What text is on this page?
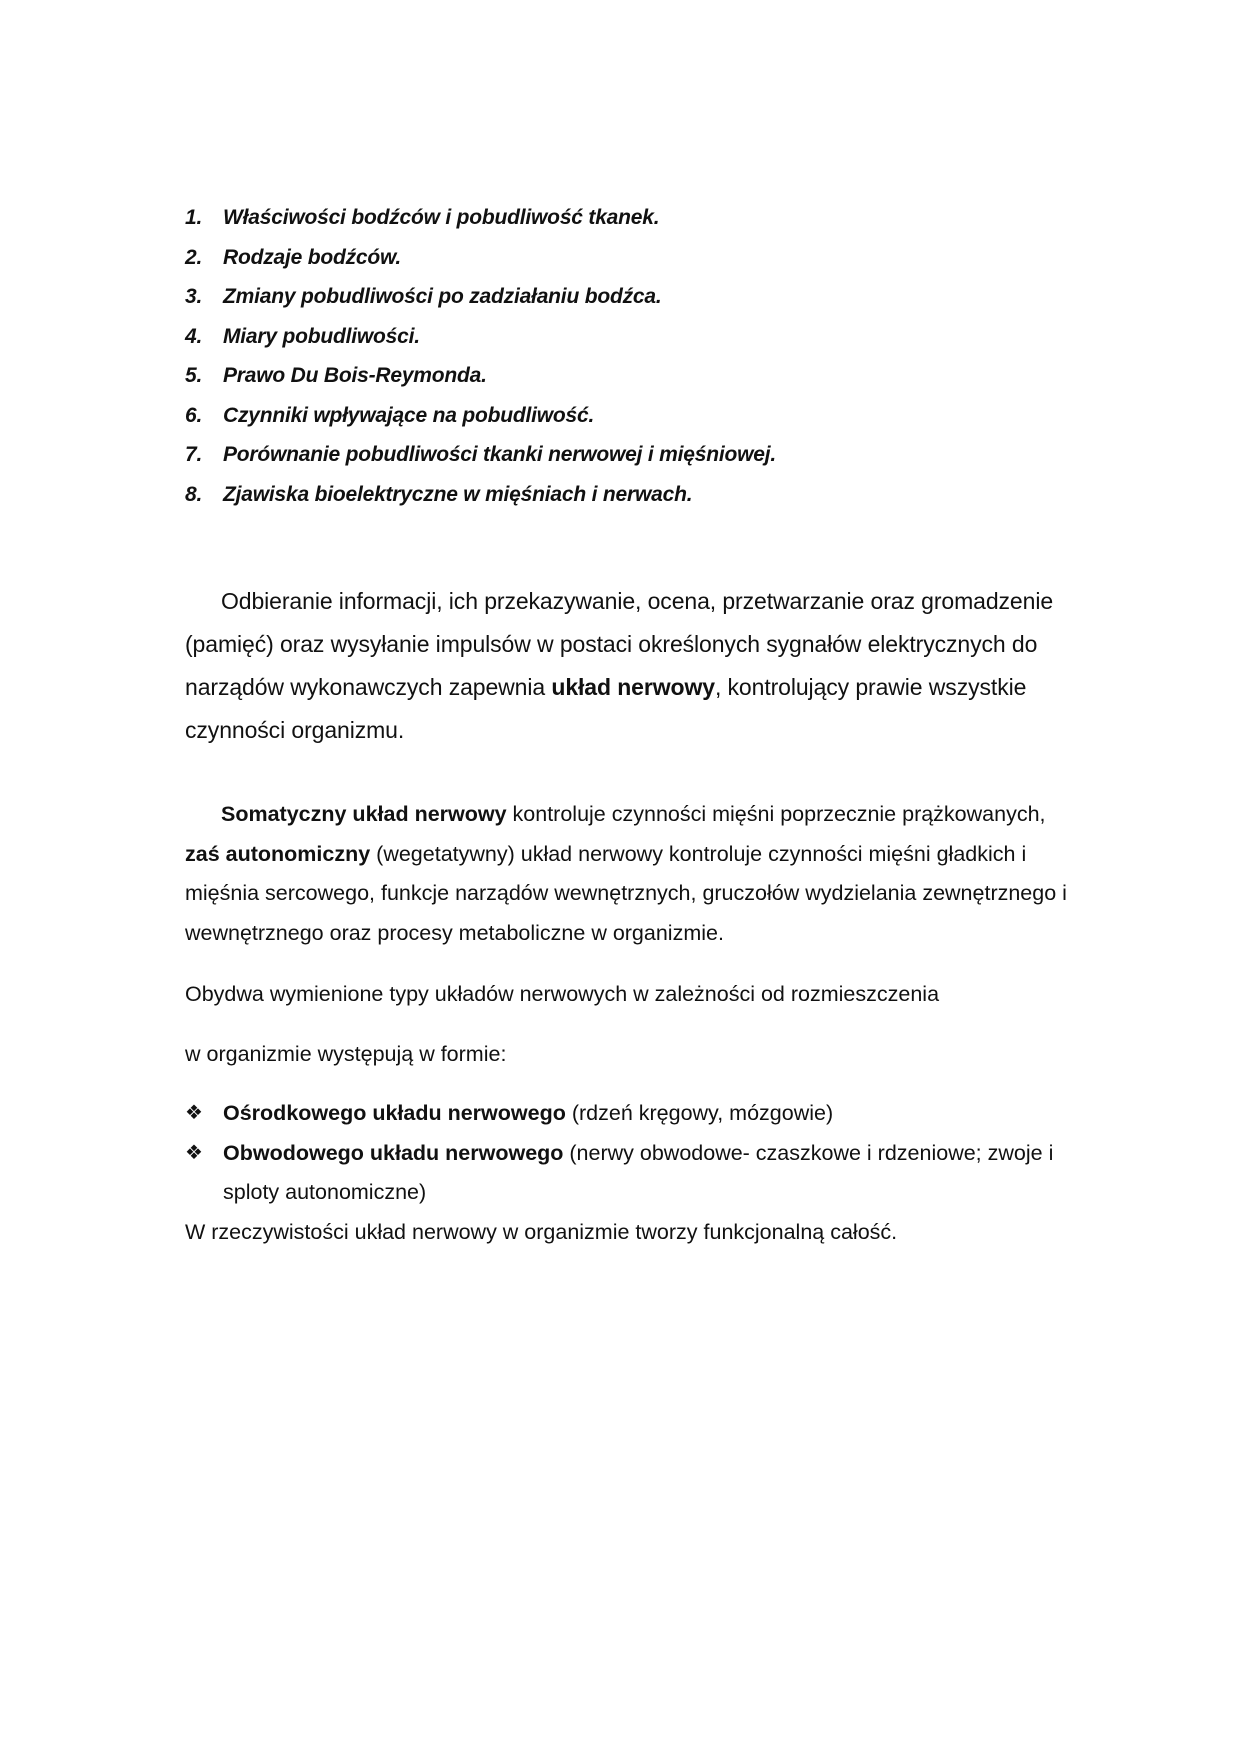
1. Właściwości bodźców i pobudliwość tkanek.
2. Rodzaje bodźców.
3. Zmiany pobudliwości po zadziałaniu bodźca.
4. Miary pobudliwości.
5. Prawo Du Bois-Reymonda.
6. Czynniki wpływające na pobudliwość.
7. Porównanie pobudliwości tkanki nerwowej i mięśniowej.
8. Zjawiska bioelektryczne w mięśniach i nerwach.

Odbieranie informacji, ich przekazywanie, ocena, przetwarzanie oraz gromadzenie (pamięć) oraz wysyłanie impulsów w postaci określonych sygnałów elektrycznych do narządów wykonawczych zapewnia układ nerwowy, kontrolujący prawie wszystkie czynności organizmu.

Somatyczny układ nerwowy kontroluje czynności mięśni poprzecznie prążkowanych, zaś autonomiczny (wegetatywny) układ nerwowy kontroluje czynności mięśni gładkich i mięśnia sercowego, funkcje narządów wewnętrznych, gruczołów wydzielania zewnętrznego i wewnętrznego oraz procesy metaboliczne w organizmie.

Obydwa wymienione typy układów nerwowych w zależności od rozmieszczenia

w organizmie występują w formie:

❖ Ośrodkowego układu nerwowego (rdzeń kręgowy, mózgowie)
❖ Obwodowego układu nerwowego (nerwy obwodowe- czaszkowe i rdzeniowe; zwoje i sploty autonomiczne)

W rzeczywistości układ nerwowy w organizmie tworzy funkcjonalną całość.
